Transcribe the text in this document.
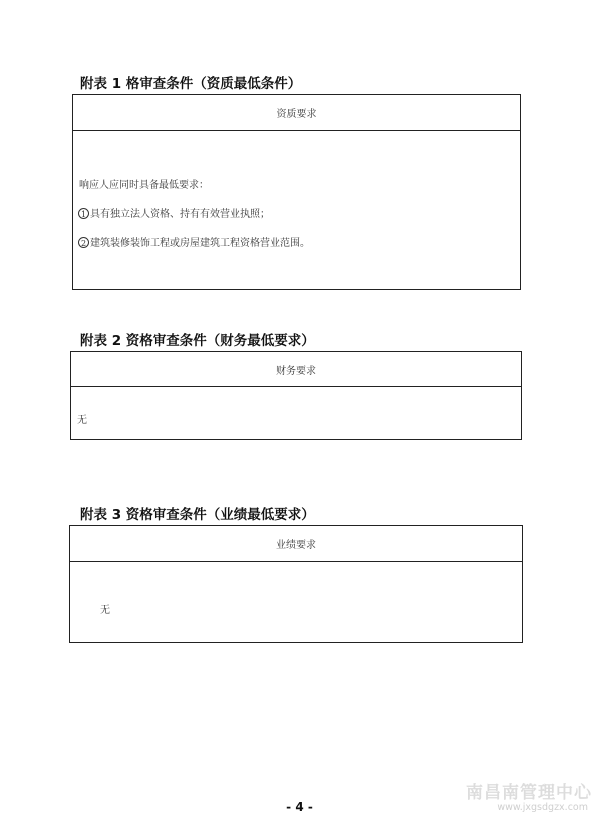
附表 1 格审查条件（资质最低条件）
资质要求
响应人应同时具备最低要求：
1 具有独立法人资格、持有有效营业执照；
2 建筑装修装饰工程或房屋建筑工程资格营业范围。
附表 2 资格审查条件（财务最低要求）
财务要求
无
附表 3 资格审查条件（业绩最低要求）
业绩要求
无
- 4 -
南昌南管理中心
www.jxgsdgzx.com
